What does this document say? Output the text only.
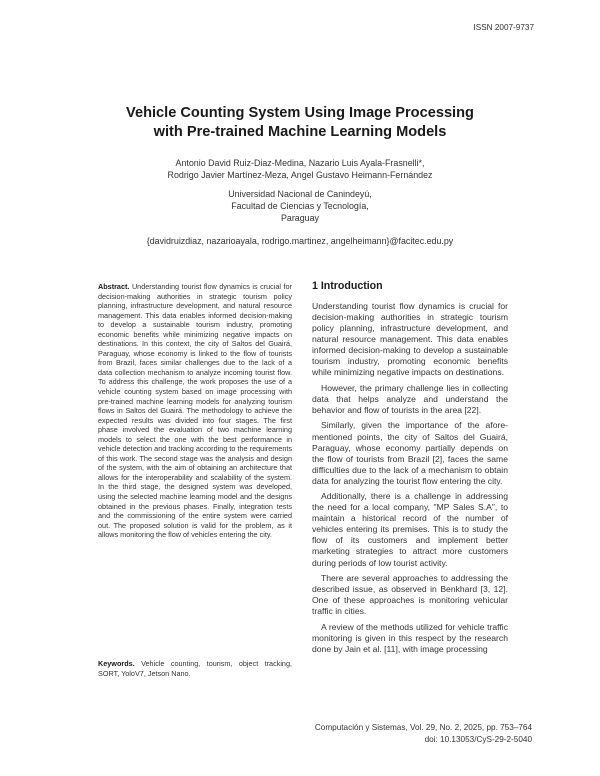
ISSN 2007-9737
Vehicle Counting System Using Image Processing
with Pre-trained Machine Learning Models
Antonio David Ruiz-Diaz-Medina, Nazario Luis Ayala-Frasnelli*,
Rodrigo Javier Martínez-Meza, Angel Gustavo Heimann-Fernández
Universidad Nacional de Canindeyú,
Facultad de Ciencias y Tecnología,
Paraguay
{davidruizdiaz, nazarioayala, rodrigo.martinez, angelheimann}@facitec.edu.py
Abstract. Understanding tourist flow dynamics is crucial for decision-making authorities in strategic tourism policy planning, infrastructure development, and natural resource management. This data enables informed decision-making to develop a sustainable tourism industry, promoting economic benefits while minimizing negative impacts on destinations. In this context, the city of Saltos del Guairá, Paraguay, whose economy is linked to the flow of tourists from Brazil, faces similar challenges due to the lack of a data collection mechanism to analyze incoming tourist flow. To address this challenge, the work proposes the use of a vehicle counting system based on image processing with pre-trained machine learning models for analyzing tourism flows in Saltos del Guairá. The methodology to achieve the expected results was divided into four stages. The first phase involved the evaluation of two machine learning models to select the one with the best performance in vehicle detection and tracking according to the requirements of this work. The second stage was the analysis and design of the system, with the aim of obtaining an architecture that allows for the interoperability and scalability of the system. In the third stage, the designed system was developed, using the selected machine learning model and the designs obtained in the previous phases. Finally, integration tests and the commissioning of the entire system were carried out. The proposed solution is valid for the problem, as it allows monitoring the flow of vehicles entering the city.
Keywords. Vehicle counting, tourism, object tracking, SORT, YoloV7, Jetson Nano.
1 Introduction

Understanding tourist flow dynamics is crucial for decision-making authorities in strategic tourism policy planning, infrastructure development, and natural resource management. This data enables informed decision-making to develop a sustainable tourism industry, promoting economic benefits while minimizing negative impacts on destinations.

However, the primary challenge lies in collecting data that helps analyze and understand the behavior and flow of tourists in the area [22].

Similarly, given the importance of the afore-mentioned points, the city of Saltos del Guairá, Paraguay, whose economy partially depends on the flow of tourists from Brazil [2], faces the same difficulties due to the lack of a mechanism to obtain data for analyzing the tourist flow entering the city.

Additionally, there is a challenge in addressing the need for a local company, "MP Sales S.A", to maintain a historical record of the number of vehicles entering its premises. This is to study the flow of its customers and implement better marketing strategies to attract more customers during periods of low tourist activity.

There are several approaches to addressing the described issue, as observed in Benkhard [3, 12]. One of these approaches is monitoring vehicular traffic in cities.

A review of the methods utilized for vehicle traffic monitoring is given in this respect by the research done by Jain et al. [11], with image processing

Computación y Sistemas, Vol. 29, No. 2, 2025, pp. 753–764
doi: 10.13053/CyS-29-2-5040
